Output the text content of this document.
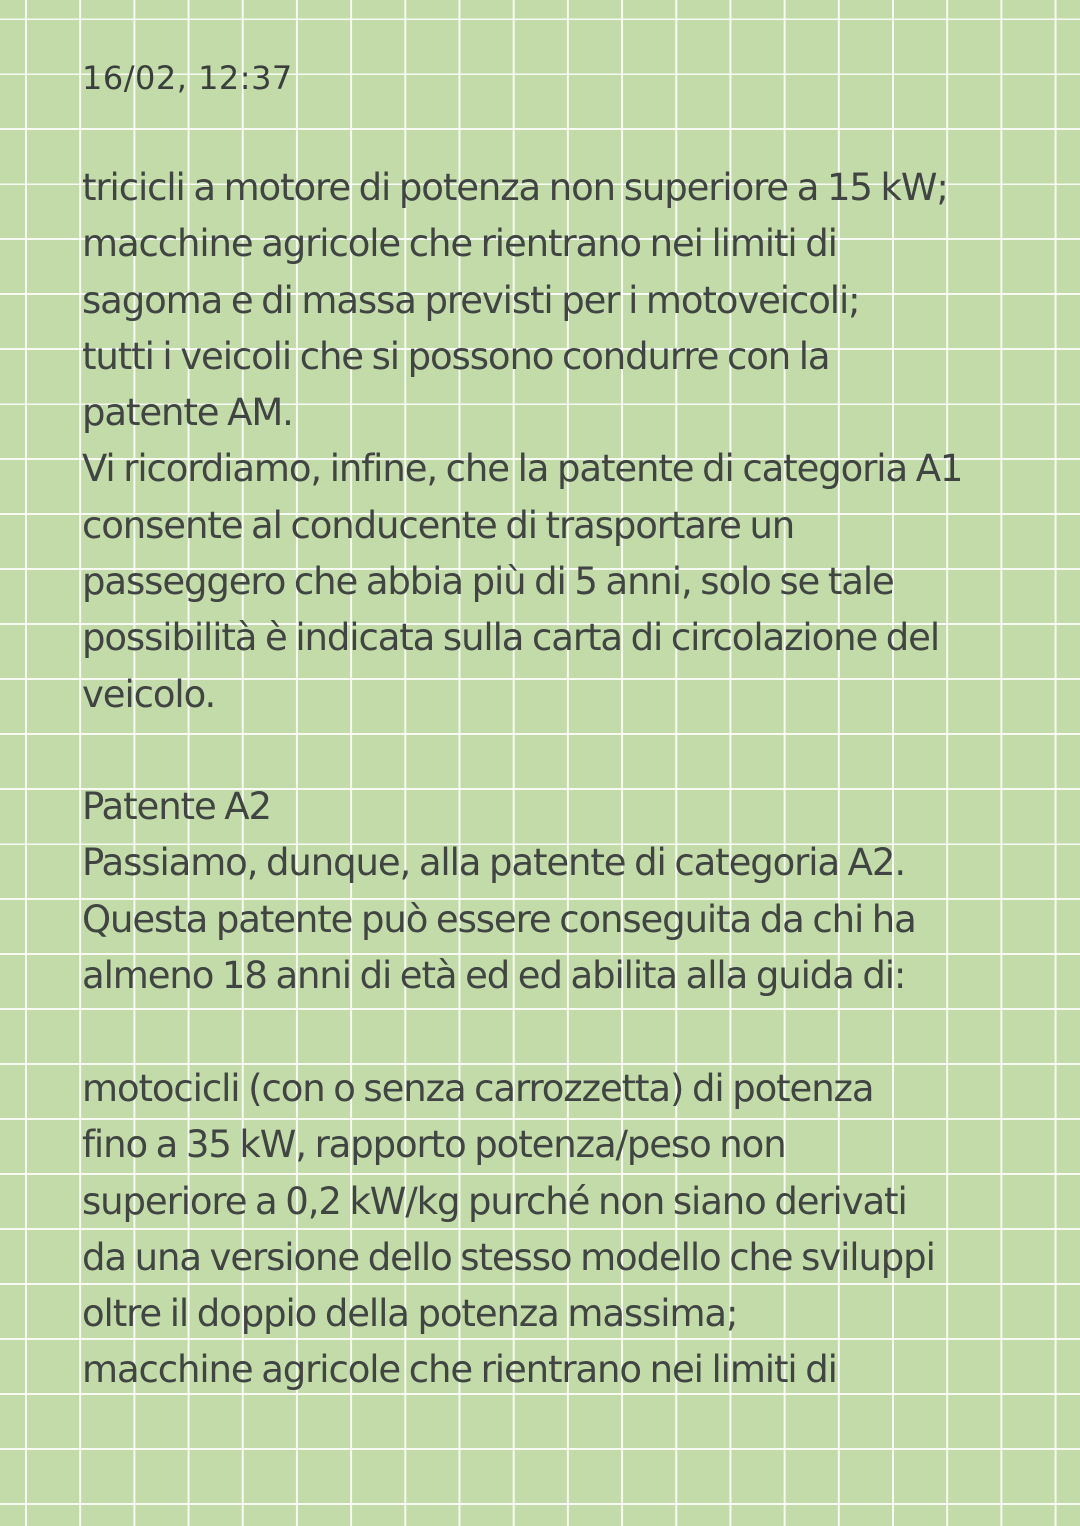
16/02, 12:37
tricicli a motore di potenza non superiore a 15 kW;
macchine agricole che rientrano nei limiti di
sagoma e di massa previsti per i motoveicoli;
tutti i veicoli che si possono condurre con la
patente AM.
Vi ricordiamo, infine, che la patente di categoria A1
consente al conducente di trasportare un
passeggero che abbia più di 5 anni, solo se tale
possibilità è indicata sulla carta di circolazione del
veicolo.
Patente A2
Passiamo, dunque, alla patente di categoria A2.
Questa patente può essere conseguita da chi ha
almeno 18 anni di età ed ed abilita alla guida di:
motocicli (con o senza carrozzetta) di potenza
fino a 35 kW, rapporto potenza/peso non
superiore a 0,2 kW/kg purché non siano derivati
da una versione dello stesso modello che sviluppi
oltre il doppio della potenza massima;
macchine agricole che rientrano nei limiti di
